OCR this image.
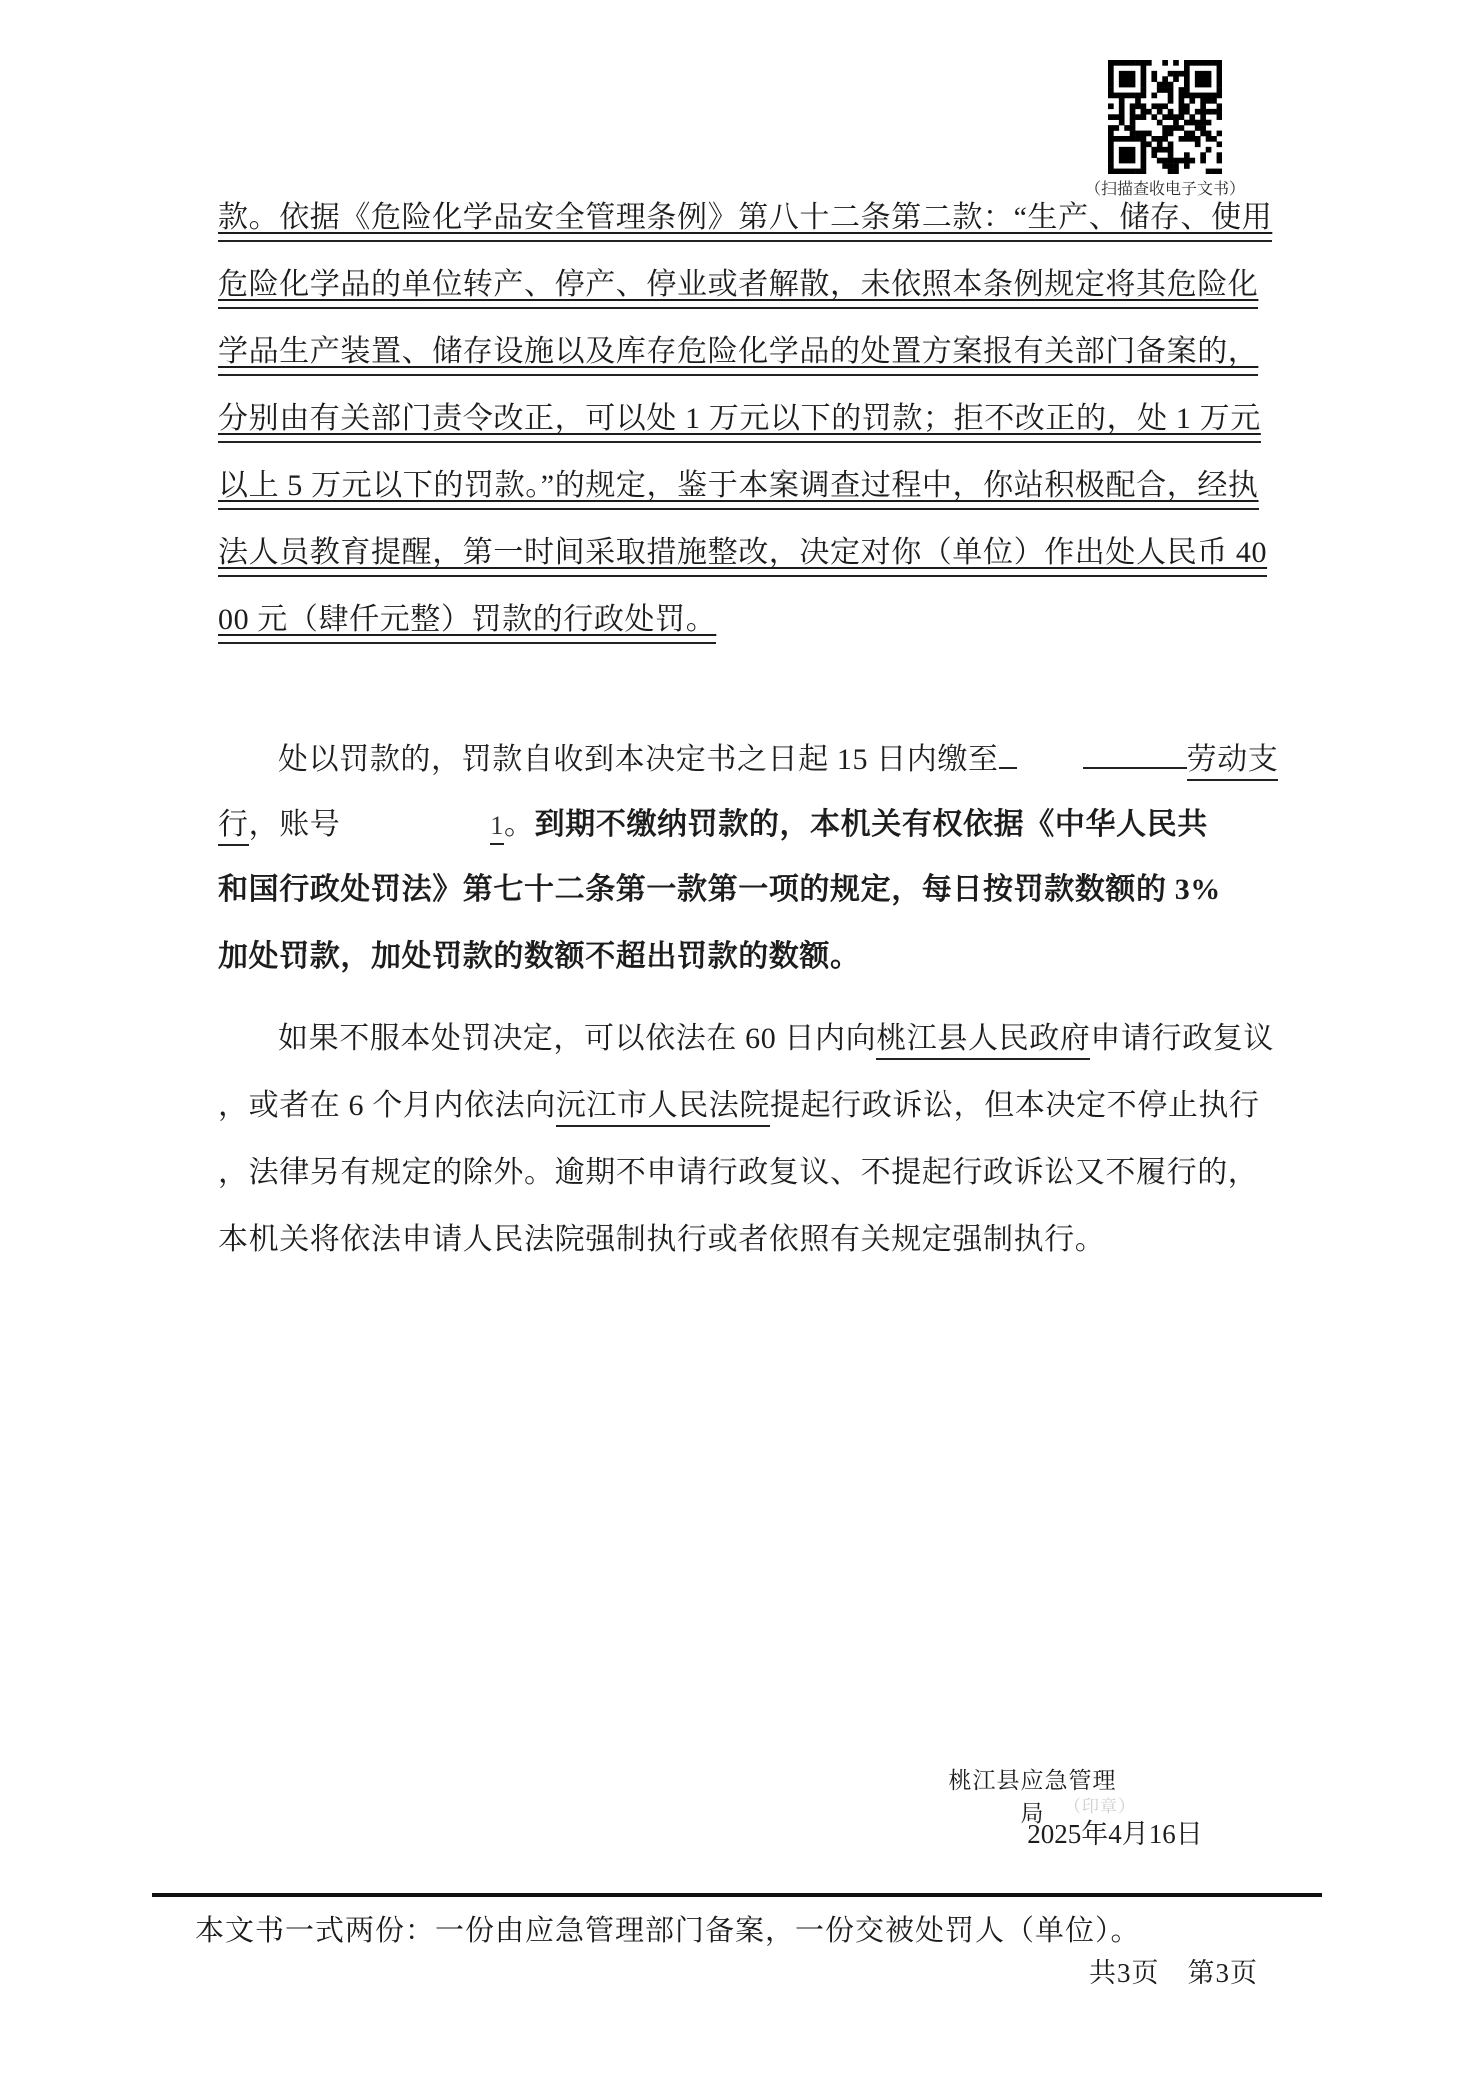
（扫描查收电子文书）
款。依据《危险化学品安全管理条例》第八十二条第二款：“生产、储存、使用
危险化学品的单位转产、停产、停业或者解散，未依照本条例规定将其危险化
学品生产装置、储存设施以及库存危险化学品的处置方案报有关部门备案的，
分别由有关部门责令改正，可以处 1 万元以下的罚款；拒不改正的，处 1 万元
以上 5 万元以下的罚款。”的规定，鉴于本案调查过程中，你站积极配合，经执
法人员教育提醒，第一时间采取措施整改，决定对你（单位）作出处人民币 40
00 元（肆仟元整）罚款的行政处罚。
处以罚款的，罚款自收到本决定书之日起 15 日内缴至	劳动支
行，账号	1。到期不缴纳罚款的，本机关有权依据《中华人民共
和国行政处罚法》第七十二条第一款第一项的规定，每日按罚款数额的 3%
加处罚款，加处罚款的数额不超出罚款的数额。
如果不服本处罚决定，可以依法在 60 日内向桃江县人民政府申请行政复议
，或者在 6 个月内依法向沅江市人民法院提起行政诉讼，但本决定不停止执行
，法律另有规定的除外。逾期不申请行政复议、不提起行政诉讼又不履行的，
本机关将依法申请人民法院强制执行或者依照有关规定强制执行。
桃江县应急管理局	（印章）
2025年4月16日
本文书一式两份：一份由应急管理部门备案，一份交被处罚人（单位）。
共3页　第3页
